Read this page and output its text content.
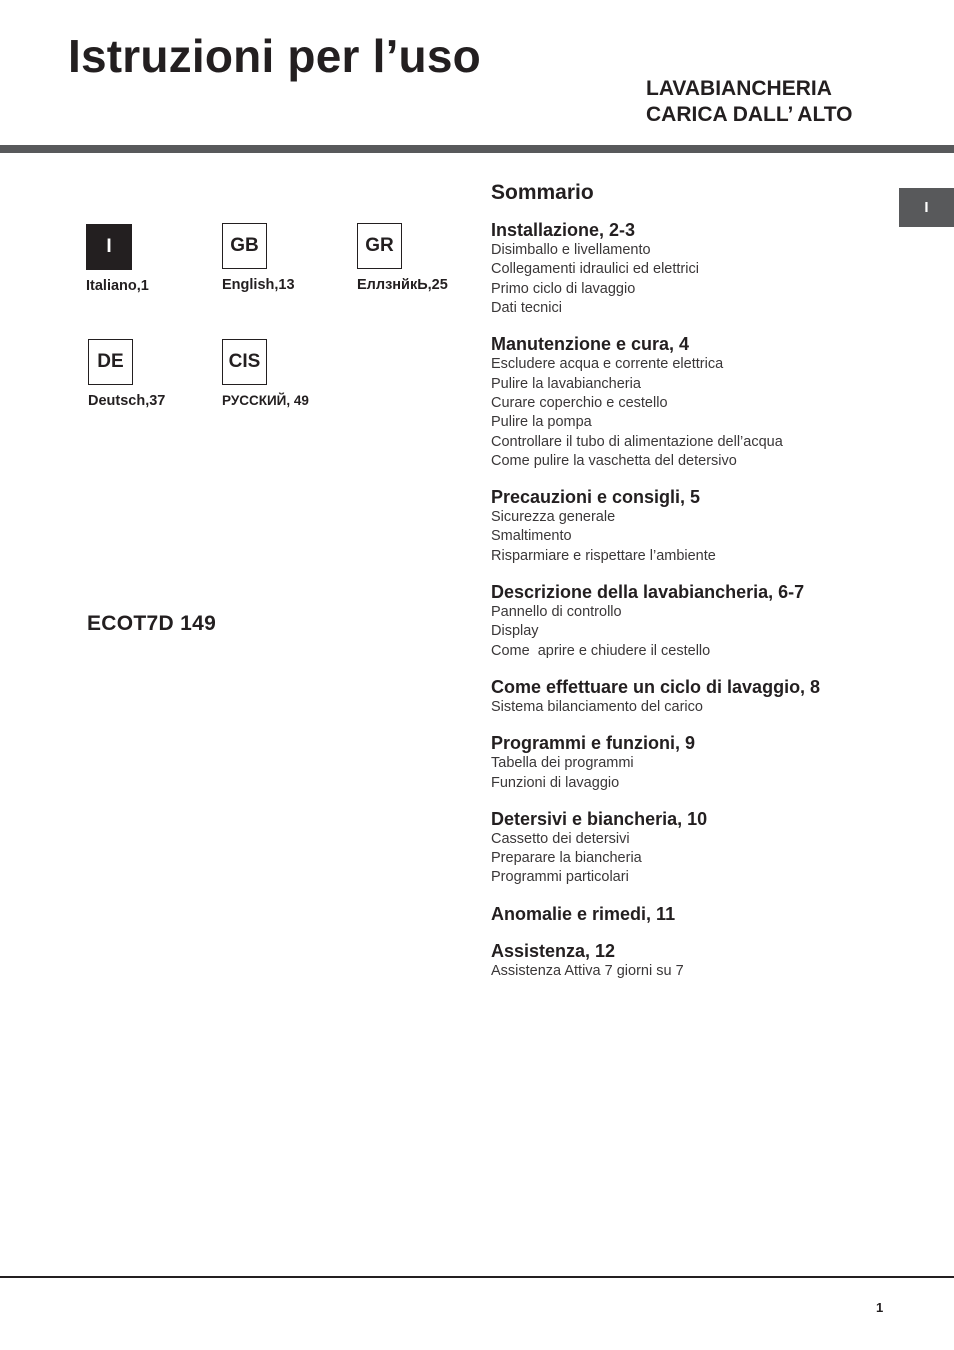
Istruzioni per l’uso
LAVABIANCHERIA
CARICA DALL’ ALTO
I
I
Italiano,1
GB
English,13
GR
ЕллзнйкЬ,25
DE
Deutsch,37
CIS
РУССКИЙ, 49
ECOT7D 149
Sommario
Installazione, 2-3
Disimballo e livellamento
Collegamenti idraulici ed elettrici
Primo ciclo di lavaggio
Dati tecnici
Manutenzione e cura, 4
Escludere acqua e corrente elettrica
Pulire la lavabiancheria
Curare coperchio e cestello
Pulire la pompa
Controllare il tubo di alimentazione dell’acqua
Come pulire la vaschetta del detersivo
Precauzioni e consigli, 5
Sicurezza generale
Smaltimento
Risparmiare e rispettare l’ambiente
Descrizione della lavabiancheria, 6-7
Pannello di controllo
Display
Come  aprire e chiudere il cestello
Come effettuare un ciclo di lavaggio, 8
Sistema bilanciamento del carico
Programmi e funzioni, 9
Tabella dei programmi
Funzioni di lavaggio
Detersivi e biancheria, 10
Cassetto dei detersivi
Preparare la biancheria
Programmi particolari
Anomalie e rimedi, 11
Assistenza, 12
Assistenza Attiva 7 giorni su 7
1
